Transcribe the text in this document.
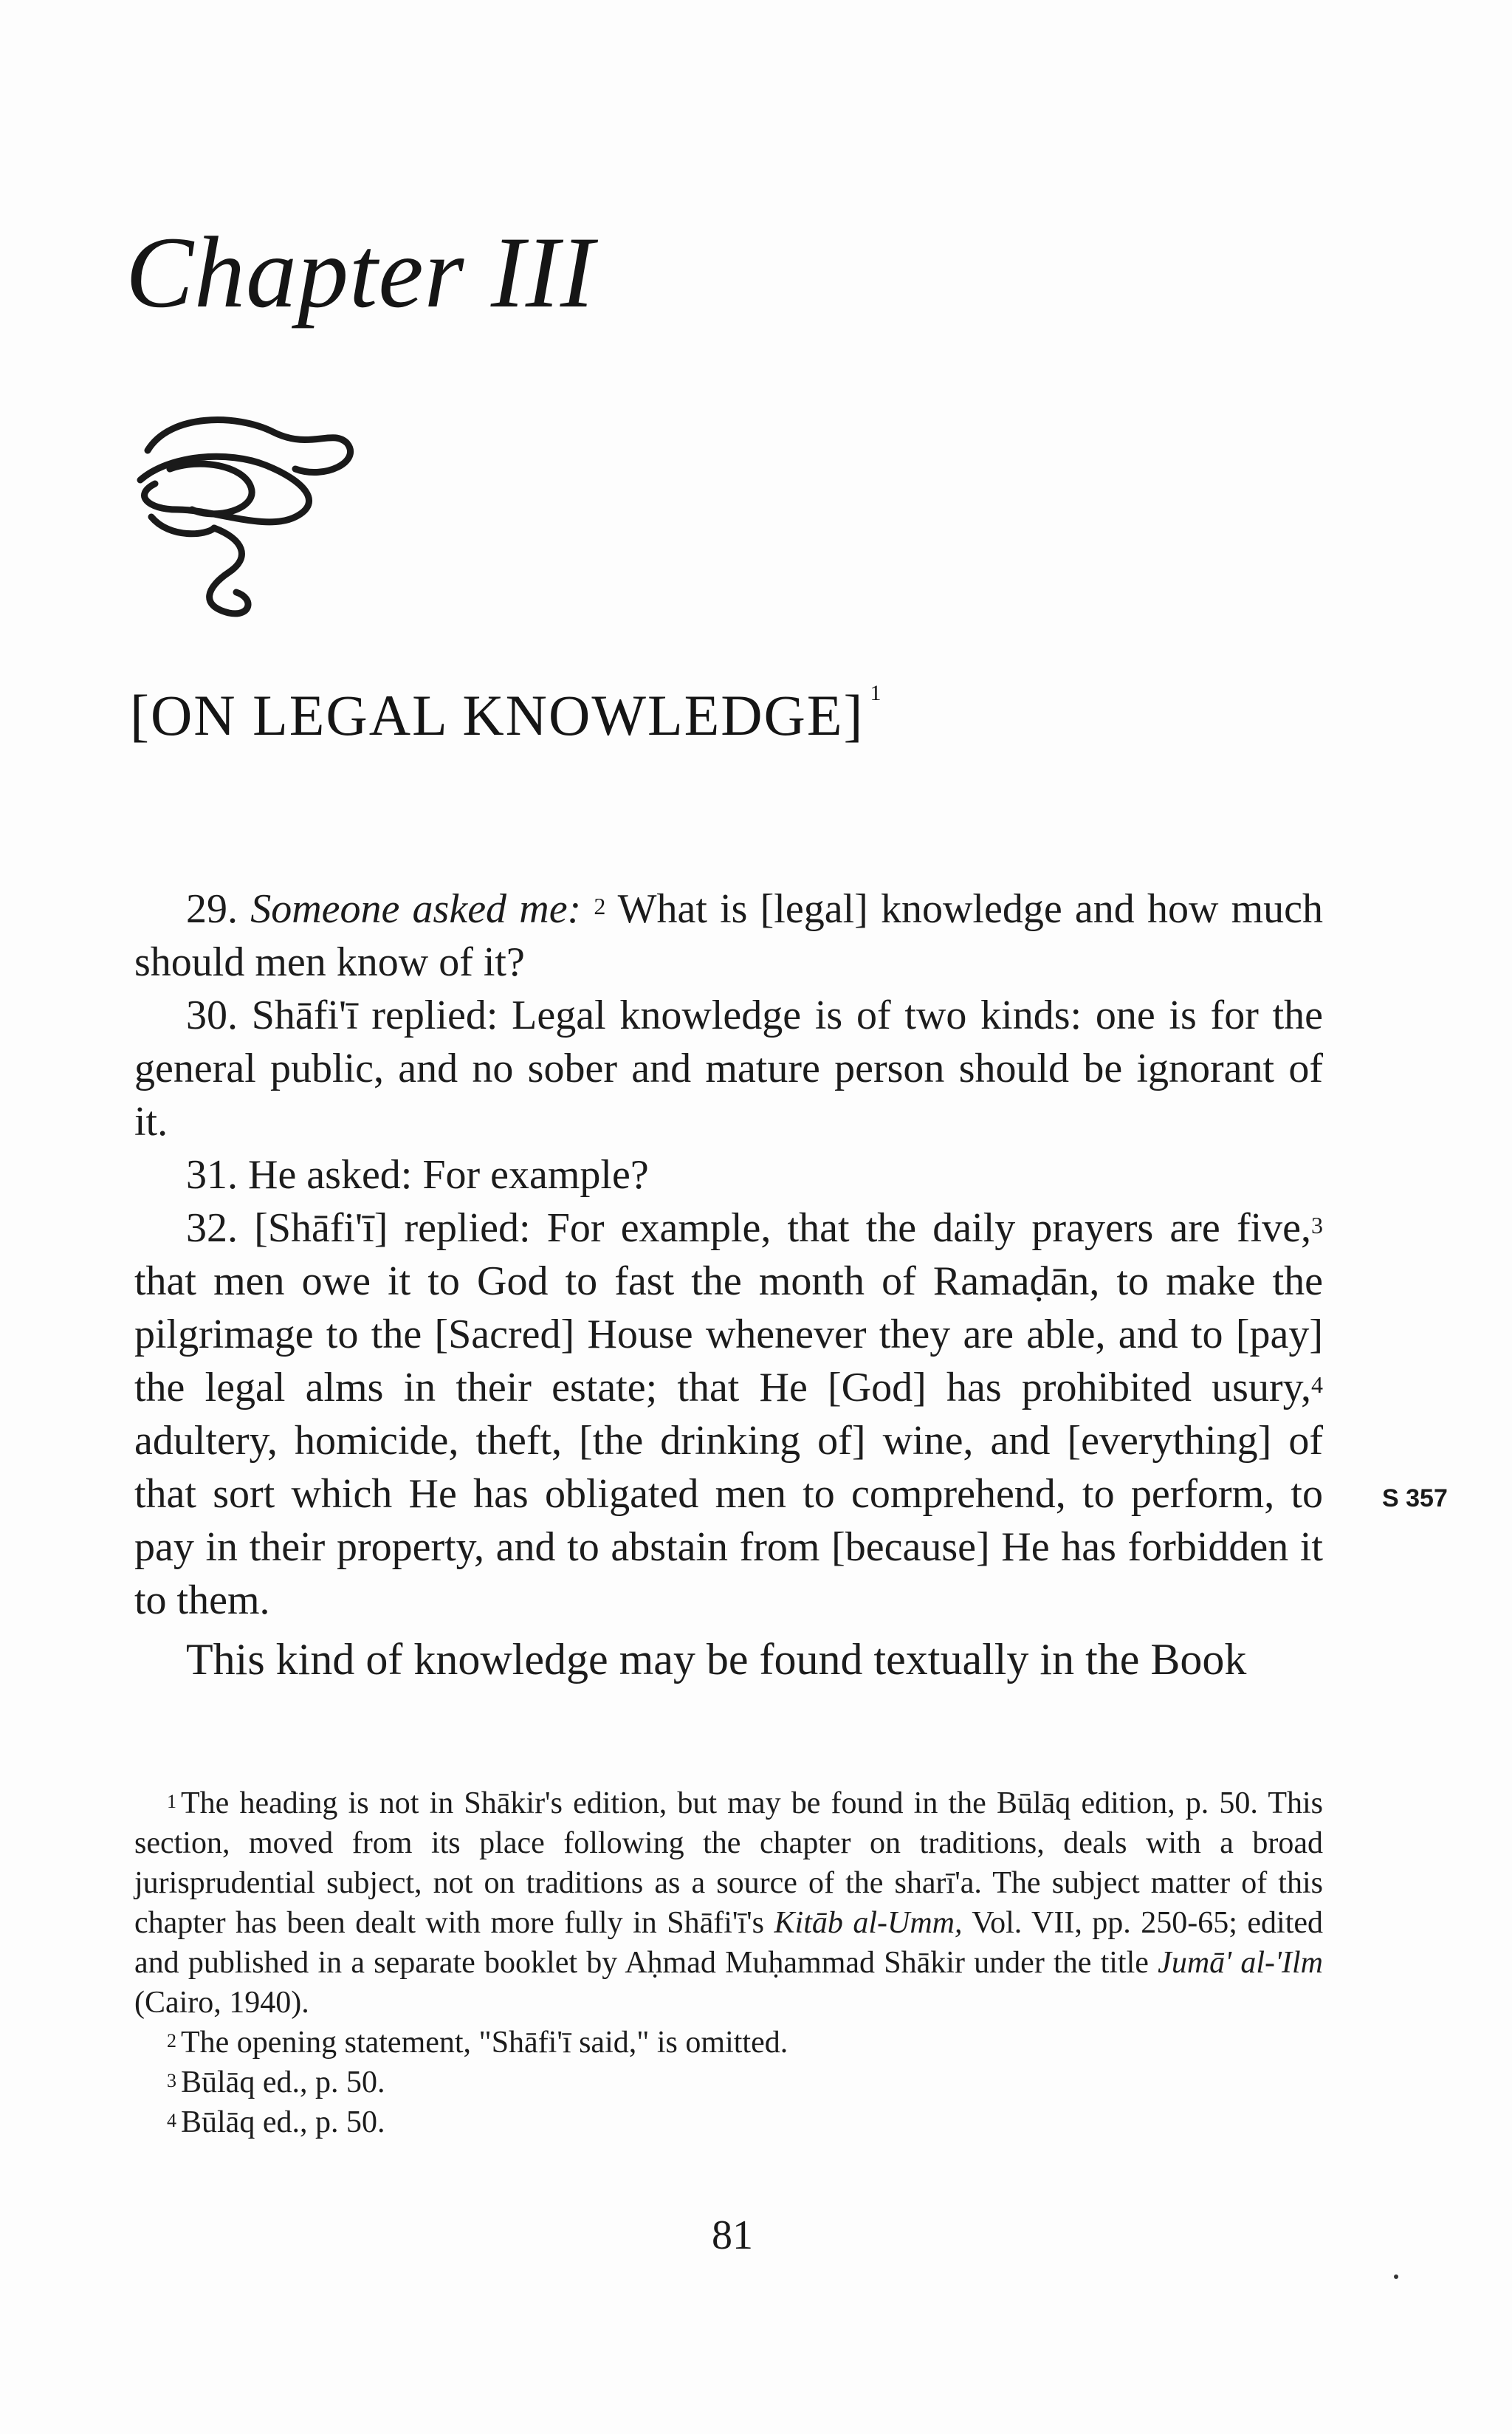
Chapter III
[ON LEGAL KNOWLEDGE] $^1$

29. Someone asked me: $^2$ What is [legal] knowledge and how much should men know of it?

30. Shāfi'ī replied: Legal knowledge is of two kinds: one is for the general public, and no sober and mature person should be ignorant of it.

31. He asked: For example?

32. [Shāfi'ī] replied: For example, that the daily prayers are five,$^3$ that men owe it to God to fast the month of Ramaḍān, to make the pilgrimage to the [Sacred] House whenever they are able, and to [pay] the legal alms in their estate; that He [God] has prohibited usury,$^4$ adultery, homicide, theft, [the drinking of] wine, and [everything] of that sort which He has obligated men to comprehend, to perform, to pay in their property, and to abstain from [because] He has forbidden it to them.

This kind of knowledge may be found textually in the Book

S 357

$^1$ The heading is not in Shākir's edition, but may be found in the Būlāq edition, p. 50. This section, moved from its place following the chapter on traditions, deals with a broad jurisprudential subject, not on traditions as a source of the sharī'a. The subject matter of this chapter has been dealt with more fully in Shāfi'ī's Kitāb al-Umm, Vol. VII, pp. 250-65; edited and published in a separate booklet by Aḥmad Muḥammad Shākir under the title Jumā' al-'Ilm (Cairo, 1940).

$^2$ The opening statement, "Shāfi'ī said," is omitted.

$^3$ Būlāq ed., p. 50.

$^4$ Būlāq ed., p. 50.

81
